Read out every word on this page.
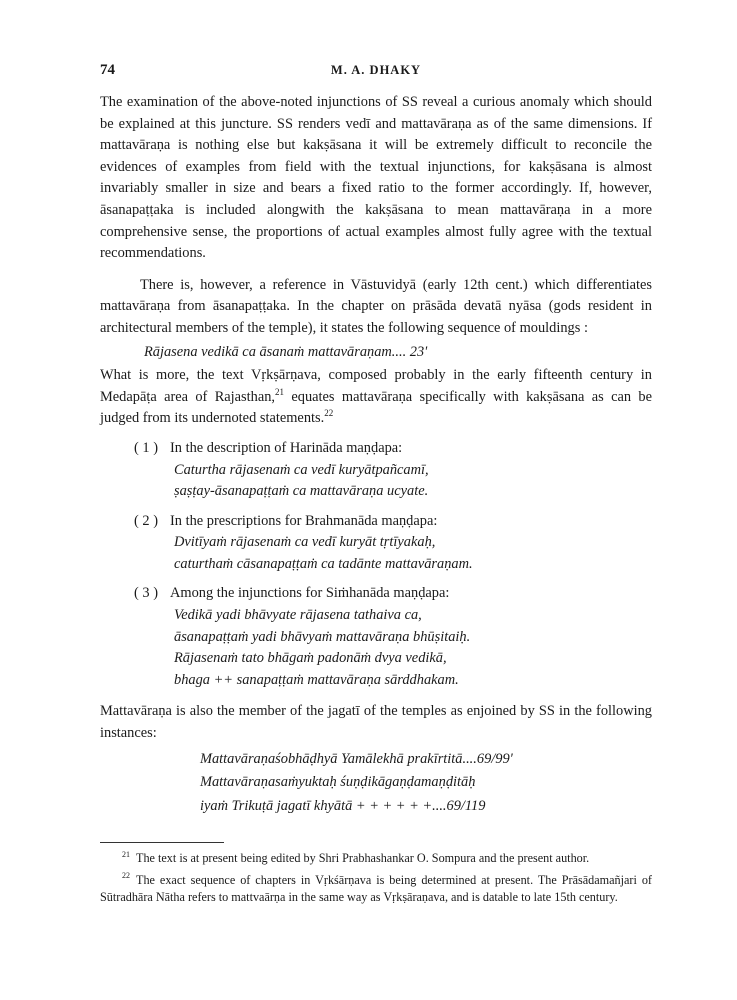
74	M. A. DHAKY

The examination of the above-noted injunctions of SS reveal a curious anomaly which should be explained at this juncture. SS renders vedī and mattavāraṇa as of the same dimensions. If mattavāraṇa is nothing else but kakṣāsana it will be extremely difficult to reconcile the evidences of examples from field with the textual injunctions, for kakṣāsana is almost invariably smaller in size and bears a fixed ratio to the former accordingly. If, however, āsanapaṭṭaka is included alongwith the kakṣāsana to mean mattavāraṇa in a more comprehensive sense, the proportions of actual examples almost fully agree with the textual recommendations.

There is, however, a reference in Vāstuvidyā (early 12th cent.) which differentiates mattavāraṇa from āsanapaṭṭaka. In the chapter on prāsāda devatā nyāsa (gods resident in architectural members of the temple), it states the following sequence of mouldings :

Rājasena vedikā ca āsanaṁ mattavāraṇam.... 23'

What is more, the text Vṛkṣārṇava, composed probably in the early fifteenth century in Medapāṭa area of Rajasthan,$^{21}$ equates mattavāraṇa specifically with kakṣāsana as can be judged from its undernoted statements.$^{22}$

( 1 ) In the description of Harināda maṇḍapa:
Caturtha rājasenaṁ ca vedī kuryātpañcamī,
ṣaṣṭay-āsanapaṭṭaṁ ca mattavāraṇa ucyate.
( 2 ) In the prescriptions for Brahmanāda maṇḍapa:
Dvitīyaṁ rājasenaṁ ca vedī kuryāt tṛtīyakaḥ,
caturthaṁ cāsanapaṭṭaṁ ca tadānte mattavāraṇam.
( 3 ) Among the injunctions for Siṁhanāda maṇḍapa:
Vedikā yadi bhāvyate rājasena tathaiva ca,
āsanapaṭṭaṁ yadi bhāvyaṁ mattavāraṇa bhūṣitaiḥ.
Rājasenaṁ tato bhāgaṁ padonāṁ dvya vedikā,
bhaga ++ sanapaṭṭaṁ mattavāraṇa sārddhakam.

Mattavāraṇa is also the member of the jagatī of the temples as enjoined by SS in the following instances:

Mattavāraṇaśobhāḍhyā Yamālekhā prakīrtitā....69/99'
Mattavāraṇasaṁyuktaḥ śuṇḍikāgaṇḍamaṇḍitāḥ
iyaṁ Trikuṭā jagatī khyātā + + + + + +....69/119

$^{21}$ The text is at present being edited by Shri Prabhashankar O. Sompura and the present author.

$^{22}$ The exact sequence of chapters in Vṛkśārṇava is being determined at present. The Prāsādamañjari of Sūtradhāra Nātha refers to mattvaārṇa in the same way as Vṛkṣāraṇava, and is datable to late 15th century.
